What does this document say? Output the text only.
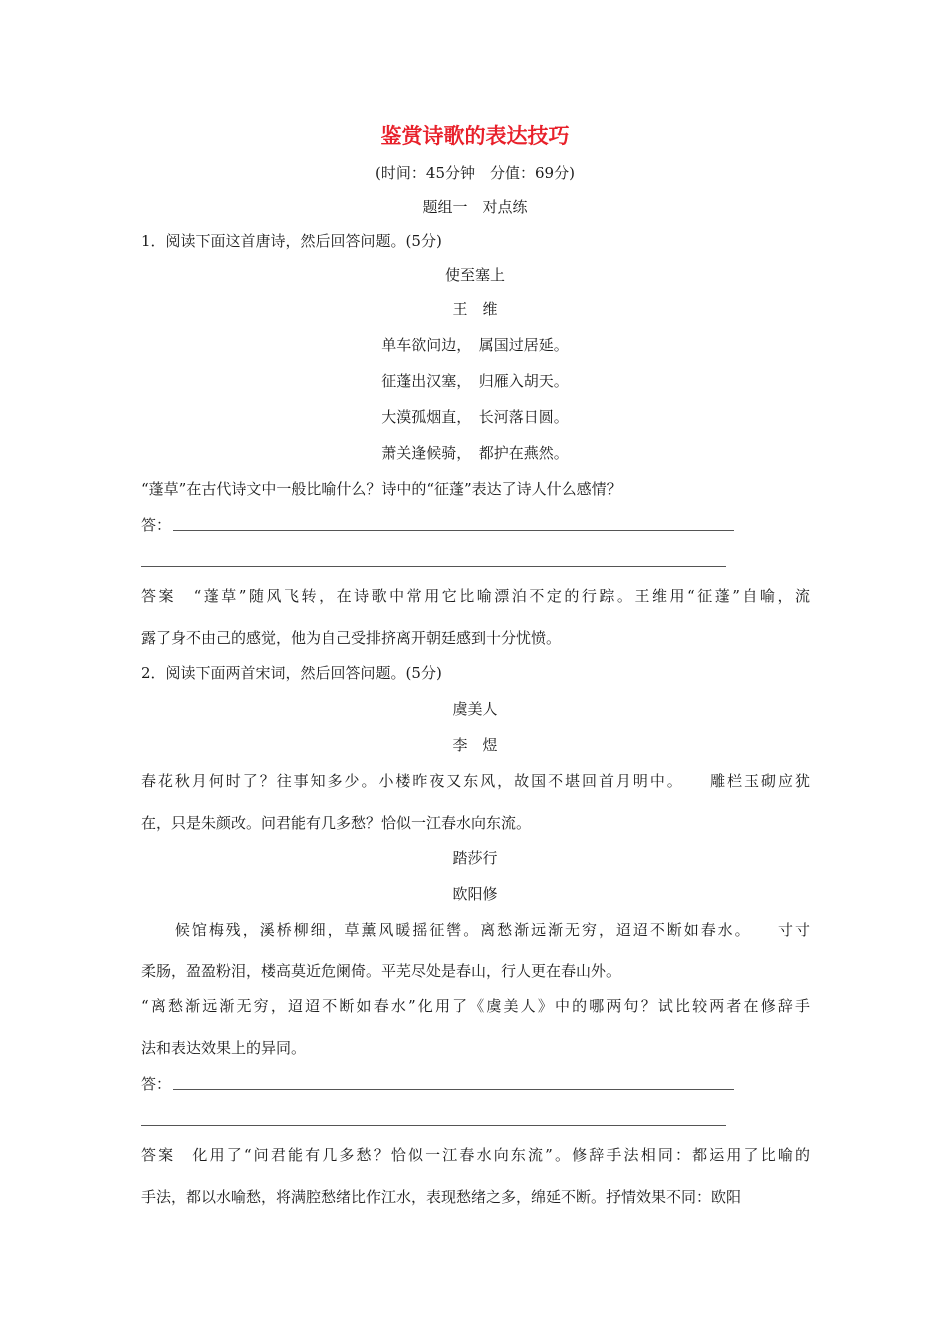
鉴赏诗歌的表达技巧
(时间：45分钟　分值：69分)
题组一　对点练
1．阅读下面这首唐诗，然后回答问题。(5分)
使至塞上
王　维
单车欲问边，　属国过居延。
征蓬出汉塞，　归雁入胡天。
大漠孤烟直，　长河落日圆。
萧关逢候骑，　都护在燕然。
“蓬草”在古代诗文中一般比喻什么？诗中的“征蓬”表达了诗人什么感情？
答：
答案　“蓬草”随风飞转，在诗歌中常用它比喻漂泊不定的行踪。王维用“征蓬”自喻，流
露了身不由己的感觉，他为自己受排挤离开朝廷感到十分忧愤。
2．阅读下面两首宋词，然后回答问题。(5分)
虞美人
李　煜
春花秋月何时了？往事知多少。小楼昨夜又东风，故国不堪回首月明中。　　雕栏玉砌应犹
在，只是朱颜改。问君能有几多愁？恰似一江春水向东流。
踏莎行
欧阳修
　　候馆梅残，溪桥柳细，草薰风暖摇征辔。离愁渐远渐无穷，迢迢不断如春水。　　寸寸
柔肠，盈盈粉泪，楼高莫近危阑倚。平芜尽处是春山，行人更在春山外。
“离愁渐远渐无穷，迢迢不断如春水”化用了《虞美人》中的哪两句？试比较两者在修辞手
法和表达效果上的异同。
答：
答案　化用了“问君能有几多愁？恰似一江春水向东流”。修辞手法相同：都运用了比喻的
手法，都以水喻愁，将满腔愁绪比作江水，表现愁绪之多，绵延不断。抒情效果不同：欧阳
